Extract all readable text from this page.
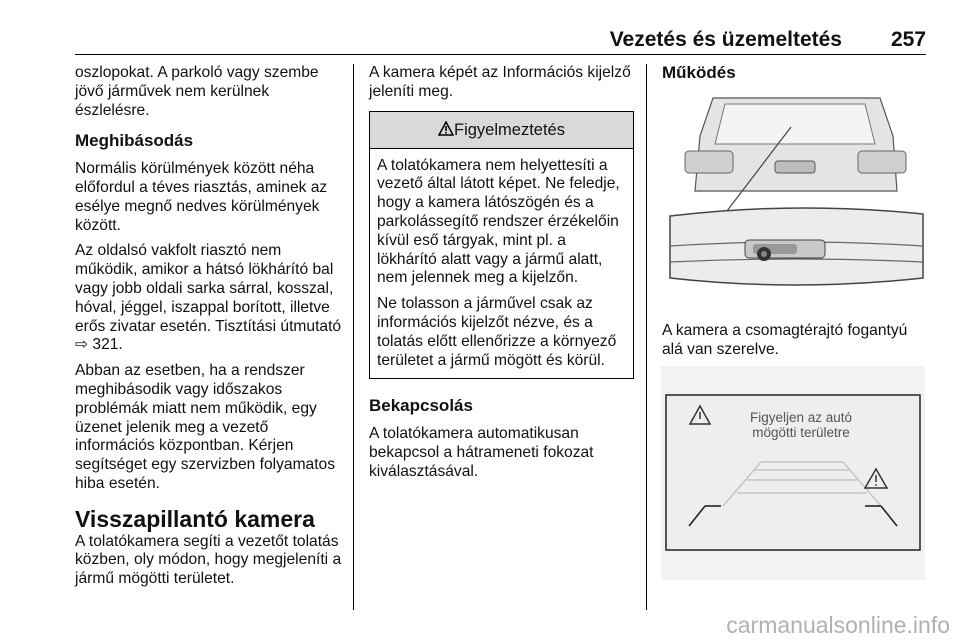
Vezetés és üzemeltetés 257

oszlopokat. A parkoló vagy szembe jövő járművek nem kerülnek észlelésre.

Meghibásodás

Normális körülmények között néha előfordul a téves riasztás, aminek az esélye megnő nedves körülmények között.

Az oldalsó vakfolt riasztó nem működik, amikor a hátsó lökhárító bal vagy jobb oldali sarka sárral, kosszal, hóval, jéggel, iszappal borított, illetve erős zivatar esetén. Tisztítási útmutató ⇨ 321.

Abban az esetben, ha a rendszer meghibásodik vagy időszakos problémák miatt nem működik, egy üzenet jelenik meg a vezető információs központban. Kérjen segítséget egy szervizben folyamatos hiba esetén.

Visszapillantó kamera

A tolatókamera segíti a vezetőt tolatás közben, oly módon, hogy megjeleníti a jármű mögötti területet.

A kamera képét az Információs kijelző jeleníti meg.

Figyelmeztetés

A tolatókamera nem helyettesíti a vezető által látott képet. Ne feledje, hogy a kamera látószögén és a parkolássegítő rendszer érzékelőin kívül eső tárgyak, mint pl. a lökhárító alatt vagy a jármű alatt, nem jelennek meg a kijelzőn.

Ne tolasson a járművel csak az információs kijelzőt nézve, és a tolatás előtt ellenőrizze a környező területet a jármű mögött és körül.

Bekapcsolás

A tolatókamera automatikusan bekapcsol a hátrameneti fokozat kiválasztásával.

Működés

A kamera a csomagtérajtó fogantyú alá van szerelve.

Figyeljen az autó
mögötti területre
carmanualsonline.info
